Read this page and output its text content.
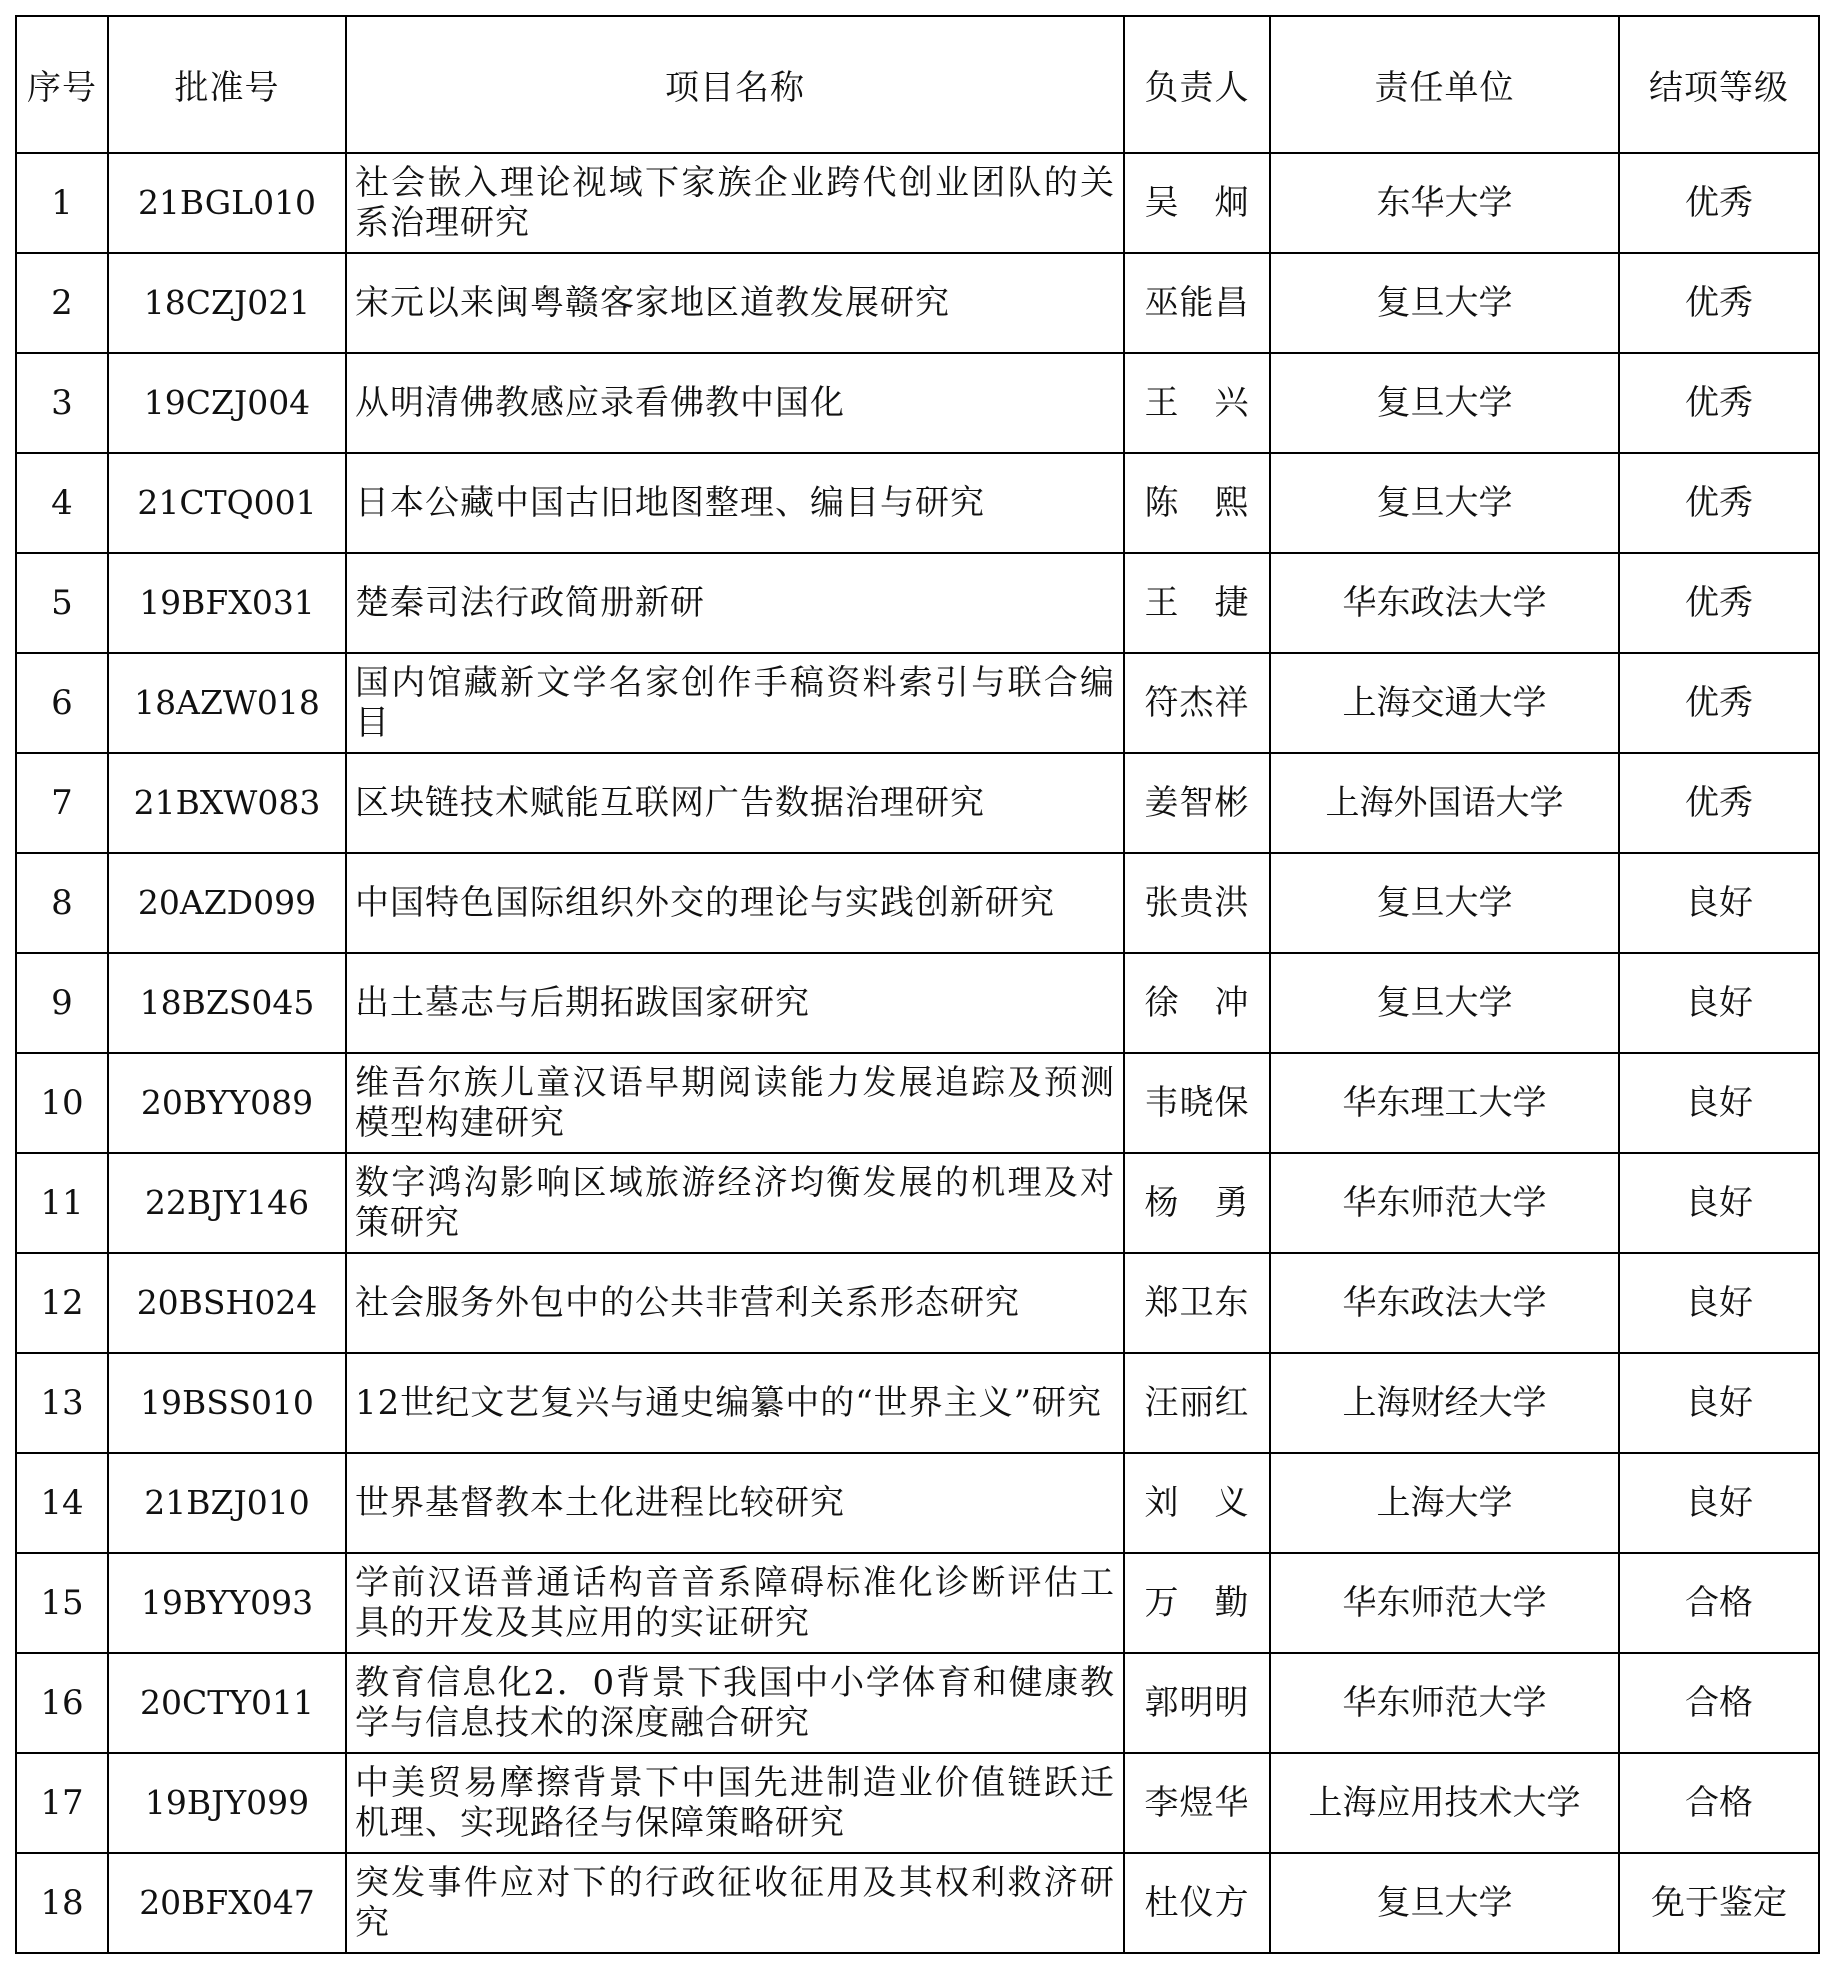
序号	批准号	项目名称	负责人	责任单位	结项等级
1	21BGL010	社会嵌入理论视域下家族企业跨代创业团队的关系治理研究	吴　炯	东华大学	优秀
2	18CZJ021	宋元以来闽粤赣客家地区道教发展研究	巫能昌	复旦大学	优秀
3	19CZJ004	从明清佛教感应录看佛教中国化	王　兴	复旦大学	优秀
4	21CTQ001	日本公藏中国古旧地图整理、编目与研究	陈　熙	复旦大学	优秀
5	19BFX031	楚秦司法行政简册新研	王　捷	华东政法大学	优秀
6	18AZW018	国内馆藏新文学名家创作手稿资料索引与联合编目	符杰祥	上海交通大学	优秀
7	21BXW083	区块链技术赋能互联网广告数据治理研究	姜智彬	上海外国语大学	优秀
8	20AZD099	中国特色国际组织外交的理论与实践创新研究	张贵洪	复旦大学	良好
9	18BZS045	出土墓志与后期拓跋国家研究	徐　冲	复旦大学	良好
10	20BYY089	维吾尔族儿童汉语早期阅读能力发展追踪及预测模型构建研究	韦晓保	华东理工大学	良好
11	22BJY146	数字鸿沟影响区域旅游经济均衡发展的机理及对策研究	杨　勇	华东师范大学	良好
12	20BSH024	社会服务外包中的公共非营利关系形态研究	郑卫东	华东政法大学	良好
13	19BSS010	12世纪文艺复兴与通史编纂中的“世界主义”研究	汪丽红	上海财经大学	良好
14	21BZJ010	世界基督教本土化进程比较研究	刘　义	上海大学	良好
15	19BYY093	学前汉语普通话构音音系障碍标准化诊断评估工具的开发及其应用的实证研究	万　勤	华东师范大学	合格
16	20CTY011	教育信息化2．0背景下我国中小学体育和健康教学与信息技术的深度融合研究	郭明明	华东师范大学	合格
17	19BJY099	中美贸易摩擦背景下中国先进制造业价值链跃迁机理、实现路径与保障策略研究	李煜华	上海应用技术大学	合格
18	20BFX047	突发事件应对下的行政征收征用及其权利救济研究	杜仪方	复旦大学	免于鉴定
